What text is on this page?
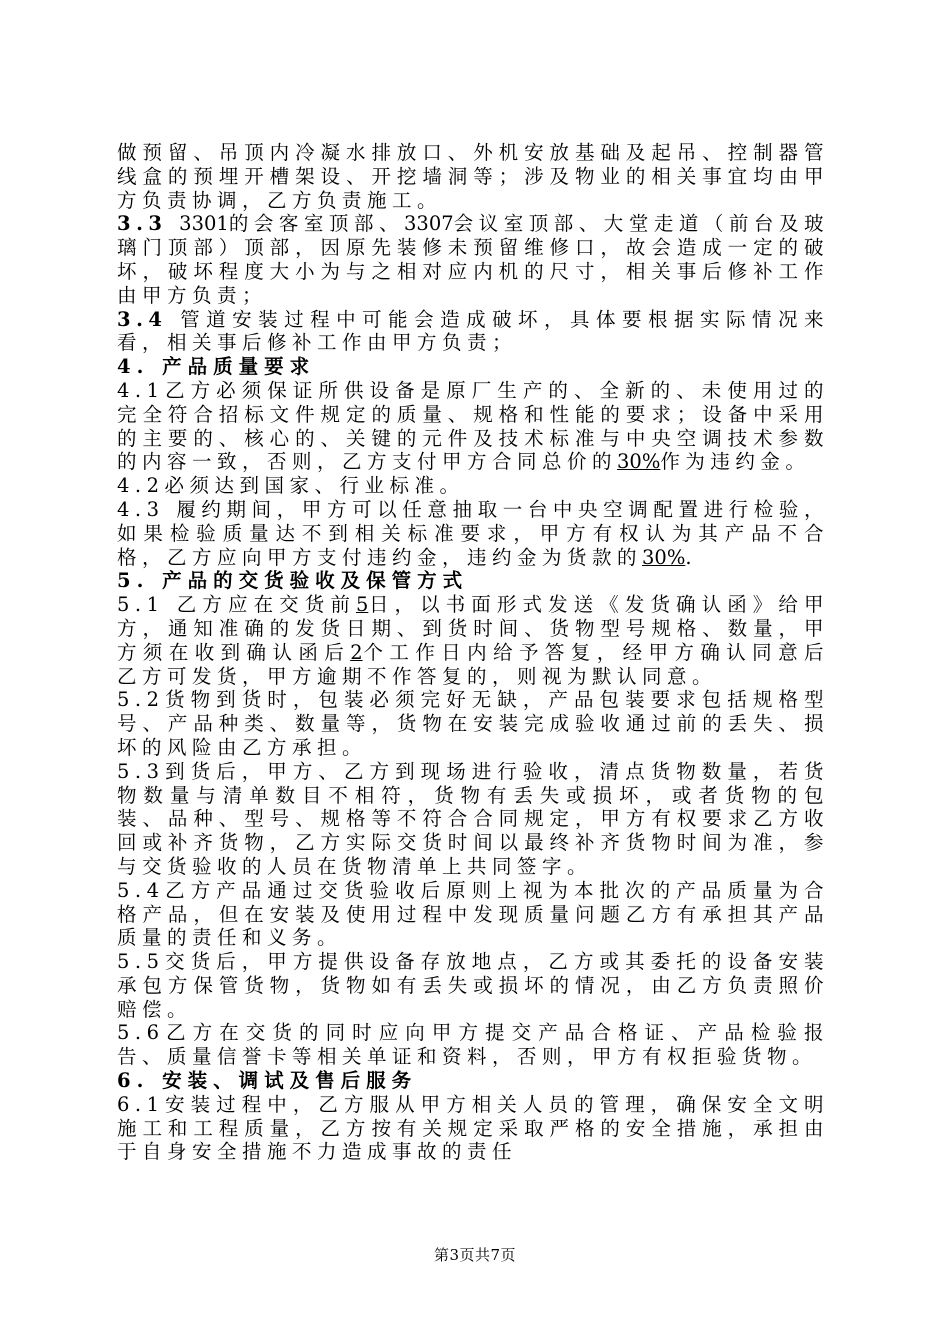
做预留、吊顶内冷凝水排放口、外机安放基础及起吊、控制器管线盒的预埋开槽架设、开挖墙洞等；涉及物业的相关事宜均由甲方负责协调，乙方负责施工。

3.3 3301的会客室顶部、3307会议室顶部、大堂走道（前台及玻璃门顶部）顶部，因原先装修未预留维修口，故会造成一定的破坏，破坏程度大小为与之相对应内机的尺寸，相关事后修补工作由甲方负责；

3.4 管道安装过程中可能会造成破坏，具体要根据实际情况来看，相关事后修补工作由甲方负责；

4. 产品质量要求

4.1乙方必须保证所供设备是原厂生产的、全新的、未使用过的完全符合招标文件规定的质量、规格和性能的要求；设备中采用的主要的、核心的、关键的元件及技术标准与中央空调技术参数的内容一致，否则，乙方支付甲方合同总价的30%作为违约金。

4.2必须达到国家、行业标准。

4.3 履约期间，甲方可以任意抽取一台中央空调配置进行检验，如果检验质量达不到相关标准要求，甲方有权认为其产品不合格，乙方应向甲方支付违约金，违约金为货款的30%.

5. 产品的交货验收及保管方式

5.1 乙方应在交货前5日，以书面形式发送《发货确认函》给甲方，通知准确的发货日期、到货时间、货物型号规格、数量，甲方须在收到确认函后2个工作日内给予答复，经甲方确认同意后乙方可发货，甲方逾期不作答复的，则视为默认同意。

5.2货物到货时，包装必须完好无缺，产品包装要求包括规格型号、产品种类、数量等，货物在安装完成验收通过前的丢失、损坏的风险由乙方承担。

5.3到货后，甲方、乙方到现场进行验收，清点货物数量，若货物数量与清单数目不相符，货物有丢失或损坏，或者货物的包装、品种、型号、规格等不符合合同规定，甲方有权要求乙方收回或补齐货物，乙方实际交货时间以最终补齐货物时间为准，参与交货验收的人员在货物清单上共同签字。

5.4乙方产品通过交货验收后原则上视为本批次的产品质量为合格产品，但在安装及使用过程中发现质量问题乙方有承担其产品质量的责任和义务。

5.5交货后，甲方提供设备存放地点，乙方或其委托的设备安装承包方保管货物，货物如有丢失或损坏的情况，由乙方负责照价赔偿。

5.6乙方在交货的同时应向甲方提交产品合格证、产品检验报告、质量信誉卡等相关单证和资料，否则，甲方有权拒验货物。

6. 安装、调试及售后服务

6.1安装过程中，乙方服从甲方相关人员的管理，确保安全文明施工和工程质量，乙方按有关规定采取严格的安全措施，承担由于自身安全措施不力造成事故的责任

第3页共7页
